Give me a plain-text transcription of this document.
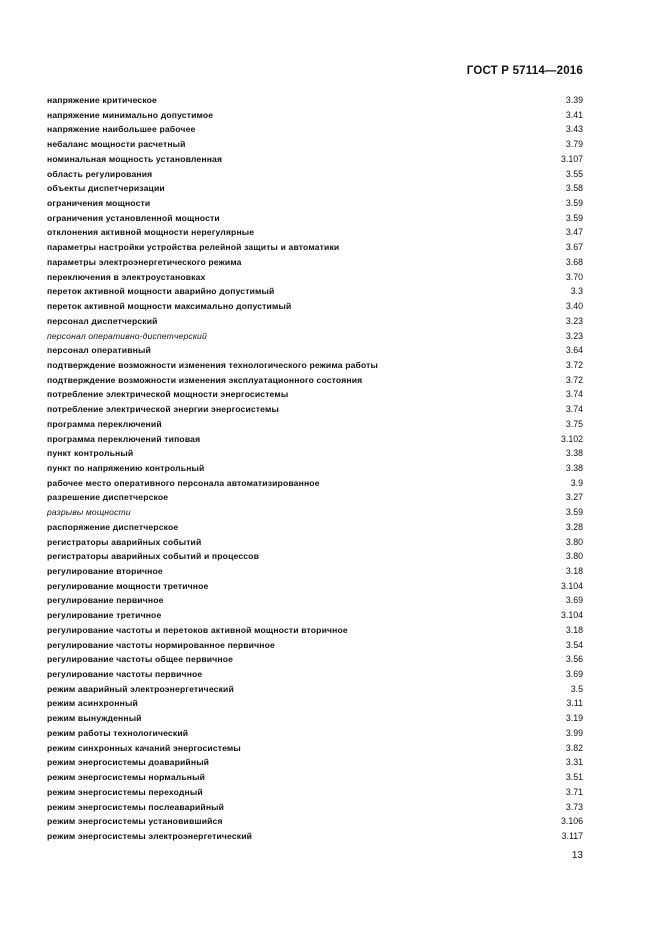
ГОСТ Р 57114—2016
напряжение критическое	3.39
напряжение минимально допустимое	3.41
напряжение наибольшее рабочее	3.43
небаланс мощности расчетный	3.79
номинальная мощность установленная	3.107
область регулирования	3.55
объекты диспетчеризации	3.58
ограничения мощности	3.59
ограничения установленной мощности	3.59
отклонения активной мощности нерегулярные	3.47
параметры настройки устройства релейной защиты и автоматики	3.67
параметры электроэнергетического режима	3.68
переключения в электроустановках	3.70
переток активной мощности аварийно допустимый	3.3
переток активной мощности максимально допустимый	3.40
персонал диспетчерский	3.23
персонал оперативно-диспетчерский	3.23
персонал оперативный	3.64
подтверждение возможности изменения технологического режима работы	3.72
подтверждение возможности изменения эксплуатационного состояния	3.72
потребление электрической мощности энергосистемы	3.74
потребление электрической энергии энергосистемы	3.74
программа переключений	3.75
программа переключений типовая	3.102
пункт контрольный	3.38
пункт по напряжению контрольный	3.38
рабочее место оперативного персонала автоматизированное	3.9
разрешение диспетчерское	3.27
разрывы мощности	3.59
распоряжение диспетчерское	3.28
регистраторы аварийных событий	3.80
регистраторы аварийных событий и процессов	3.80
регулирование вторичное	3.18
регулирование мощности третичное	3.104
регулирование первичное	3.69
регулирование третичное	3.104
регулирование частоты и перетоков активной мощности вторичное	3.18
регулирование частоты нормированное первичное	3.54
регулирование частоты общее первичное	3.56
регулирование частоты первичное	3.69
режим аварийный электроэнергетический	3.5
режим асинхронный	3.11
режим вынужденный	3.19
режим работы технологический	3.99
режим синхронных качаний энергосистемы	3.82
режим энергосистемы доаварийный	3.31
режим энергосистемы нормальный	3.51
режим энергосистемы переходный	3.71
режим энергосистемы послеаварийный	3.73
режим энергосистемы установившийся	3.106
режим энергосистемы электроэнергетический	3.117
13
